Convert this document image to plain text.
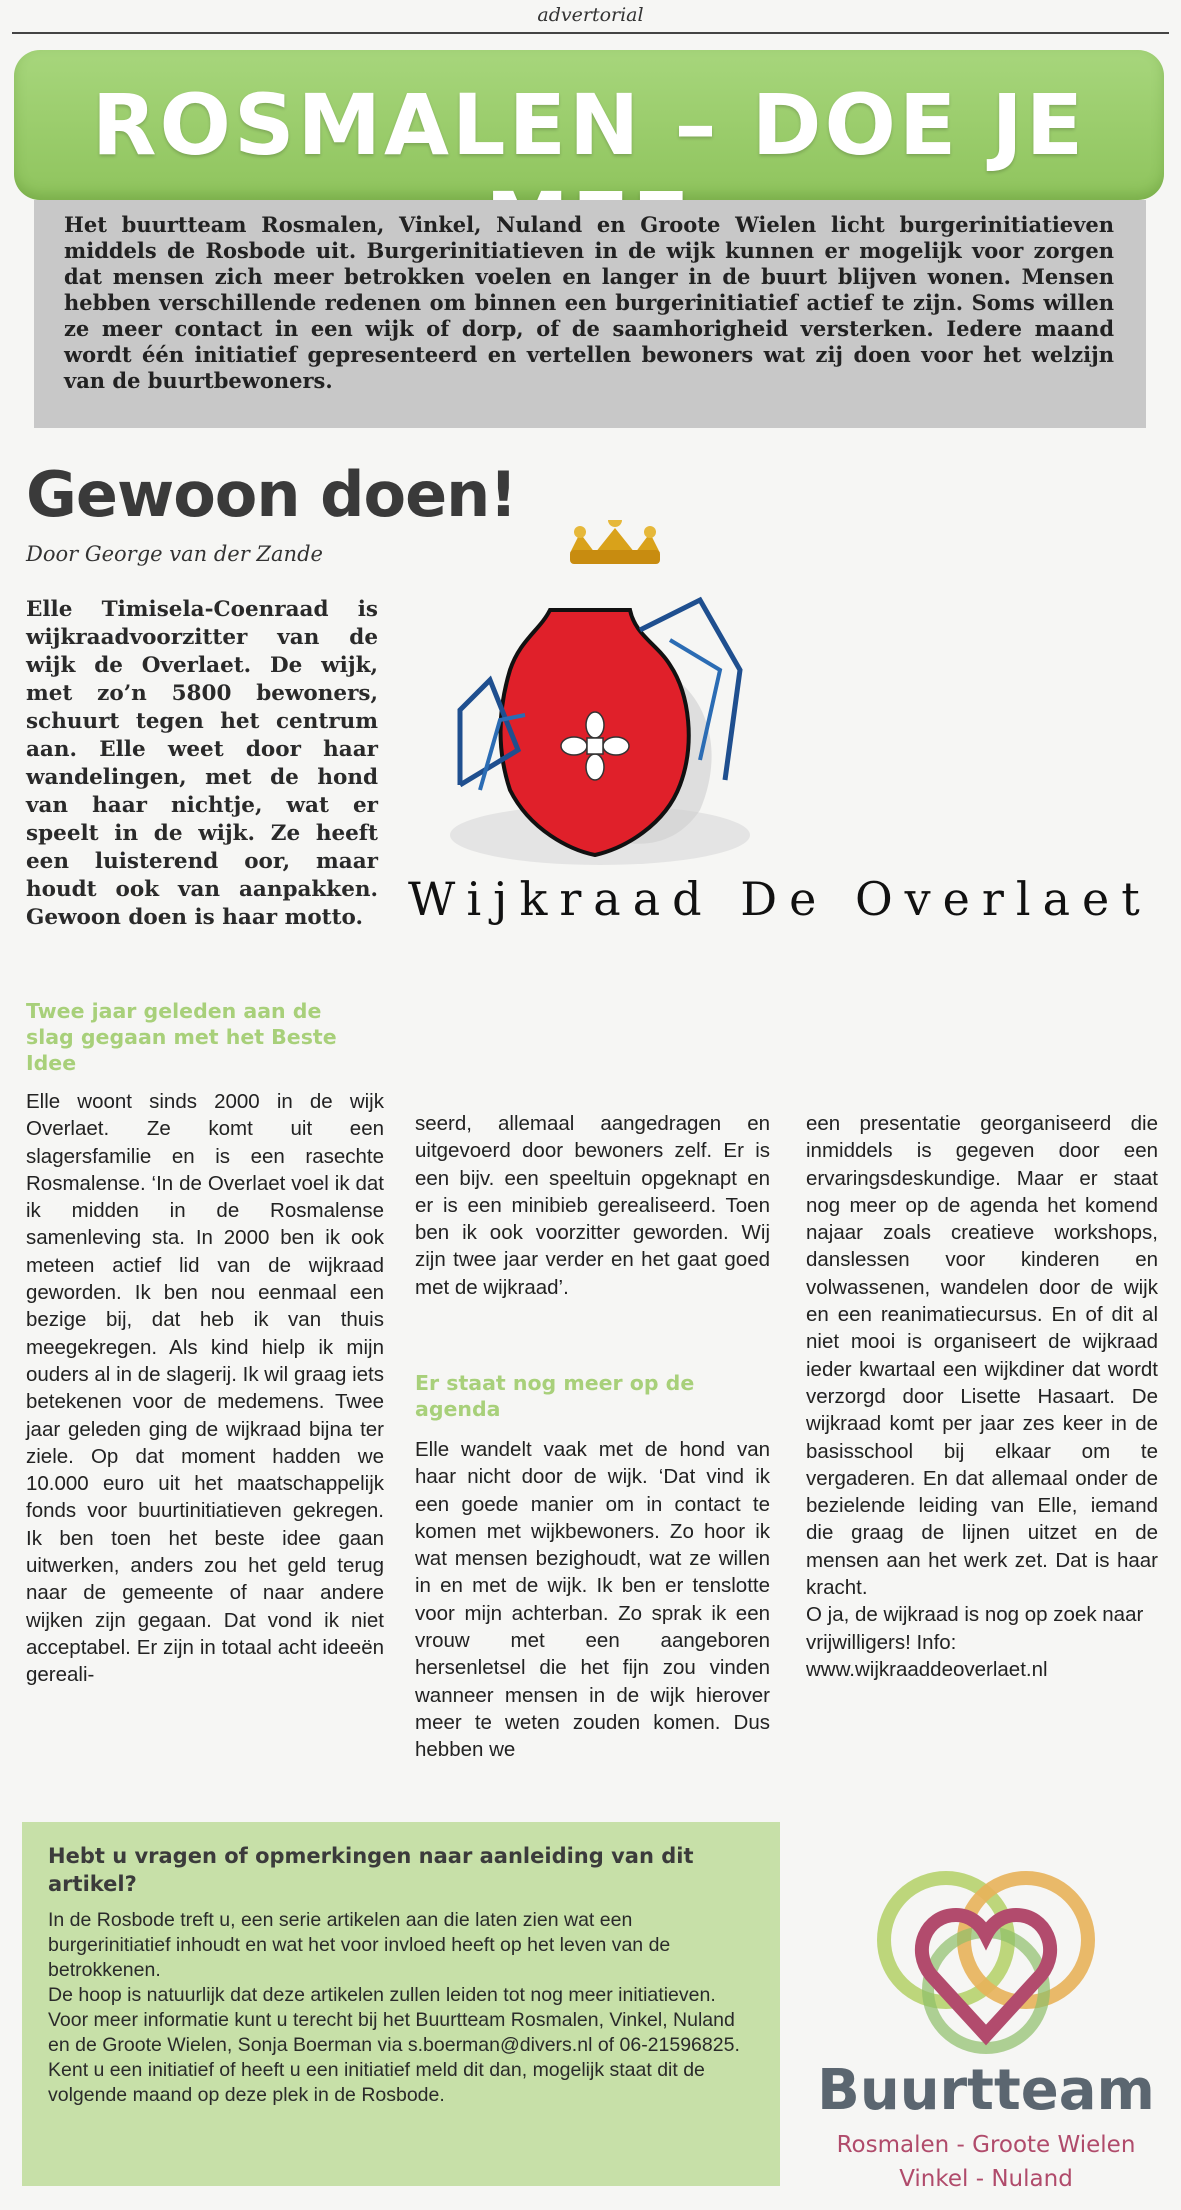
advertorial
ROSMALEN – DOE JE

Het buurtteam Rosmalen, Vinkel, Nuland en Groote Wielen licht burgerinitiatieven middels de Rosbode uit. Burgerinitiatieven in de wijk kunnen er mogelijk voor zorgen dat mensen zich meer betrokken voelen en langer in de buurt blijven wonen. Mensen hebben verschillende redenen om binnen een burgerinitiatief actief te zijn. Soms willen ze meer contact in een wijk of dorp, of de saamhorigheid versterken. Iedere maand wordt één initiatief gepresenteerd en vertellen bewoners wat zij doen voor het welzijn van de buurtbewoners.

Gewoon doen!
Door George van der Zande

Elle Timisela-Coenraad is wijkraadvoorzitter van de wijk de Overlaet. De wijk, met zo’n 5800 bewoners, schuurt tegen het centrum aan. Elle weet door haar wandelingen, met de hond van haar nichtje, wat er speelt in de wijk. Ze heeft een luisterend oor, maar houdt ook van aanpakken. Gewoon doen is haar motto. Wijkraad De Overlaet
Twee jaar geleden aan de slag gegaan met het Beste Idee

Elle woont sinds 2000 in de wijk Overlaet. Ze komt uit een slagersfamilie en is een rasechte Rosmalense. ‘In de Overlaet voel ik dat ik midden in de Rosmalense samenleving sta. In 2000 ben ik ook meteen actief lid van de wijkraad geworden. Ik ben nou eenmaal een bezige bij, dat heb ik van thuis meegekregen. Als kind hielp ik mijn ouders al in de slagerij. Ik wil graag iets betekenen voor de medemens. Twee jaar geleden ging de wijkraad bijna ter ziele. Op dat moment hadden we 10.000 euro uit het maatschappelijk fonds voor buurtinitiatieven gekregen. Ik ben toen het beste idee gaan uitwerken, anders zou het geld terug naar de gemeente of naar andere wijken zijn gegaan. Dat vond ik niet acceptabel. Er zijn in totaal acht ideeën gereali-

seerd, allemaal aangedragen en uitgevoerd door bewoners zelf. Er is een bijv. een speeltuin opgeknapt en er is een minibieb gerealiseerd. Toen ben ik ook voorzitter geworden. Wij zijn twee jaar verder en het gaat goed met de wijkraad’.

Er staat nog meer op de agenda

Elle wandelt vaak met de hond van haar nicht door de wijk. ‘Dat vind ik een goede manier om in contact te komen met wijkbewoners. Zo hoor ik wat mensen bezighoudt, wat ze willen in en met de wijk. Ik ben er tenslotte voor mijn achterban. Zo sprak ik een vrouw met een aangeboren hersenletsel die het fijn zou vinden wanneer mensen in de wijk hierover meer te weten zouden komen. Dus hebben we

een presentatie georganiseerd die inmiddels is gegeven door een ervaringsdeskundige. Maar er staat nog meer op de agenda het komend najaar zoals creatieve workshops, danslessen voor kinderen en volwassenen, wandelen door de wijk en een reanimatiecursus. En of dit al niet mooi is organiseert de wijkraad ieder kwartaal een wijkdiner dat wordt verzorgd door Lisette Hasaart. De wijkraad komt per jaar zes keer in de basisschool bij elkaar om te vergaderen. En dat allemaal onder de bezielende leiding van Elle, iemand die graag de lijnen uitzet en de mensen aan het werk zet. Dat is haar kracht.

O ja, de wijkraad is nog op zoek naar vrijwilligers! Info:

www.wijkraaddeoverlaet.nl

Hebt u vragen of opmerkingen naar aanleiding van dit artikel?

In de Rosbode treft u, een serie artikelen aan die laten zien wat een burgerinitiatief inhoudt en wat het voor invloed heeft op het leven van de betrokkenen.

De hoop is natuurlijk dat deze artikelen zullen leiden tot nog meer initiatieven. Voor meer informatie kunt u terecht bij het Buurtteam Rosmalen, Vinkel, Nuland en de Groote Wielen, Sonja Boerman via s.boerman@divers.nl of 06-21596825.

Kent u een initiatief of heeft u een initiatief meld dit dan, mogelijk staat dit de volgende maand op deze plek in de Rosbode.	Buurtteam
Rosmalen - Groote Wielen
Vinkel - Nuland
